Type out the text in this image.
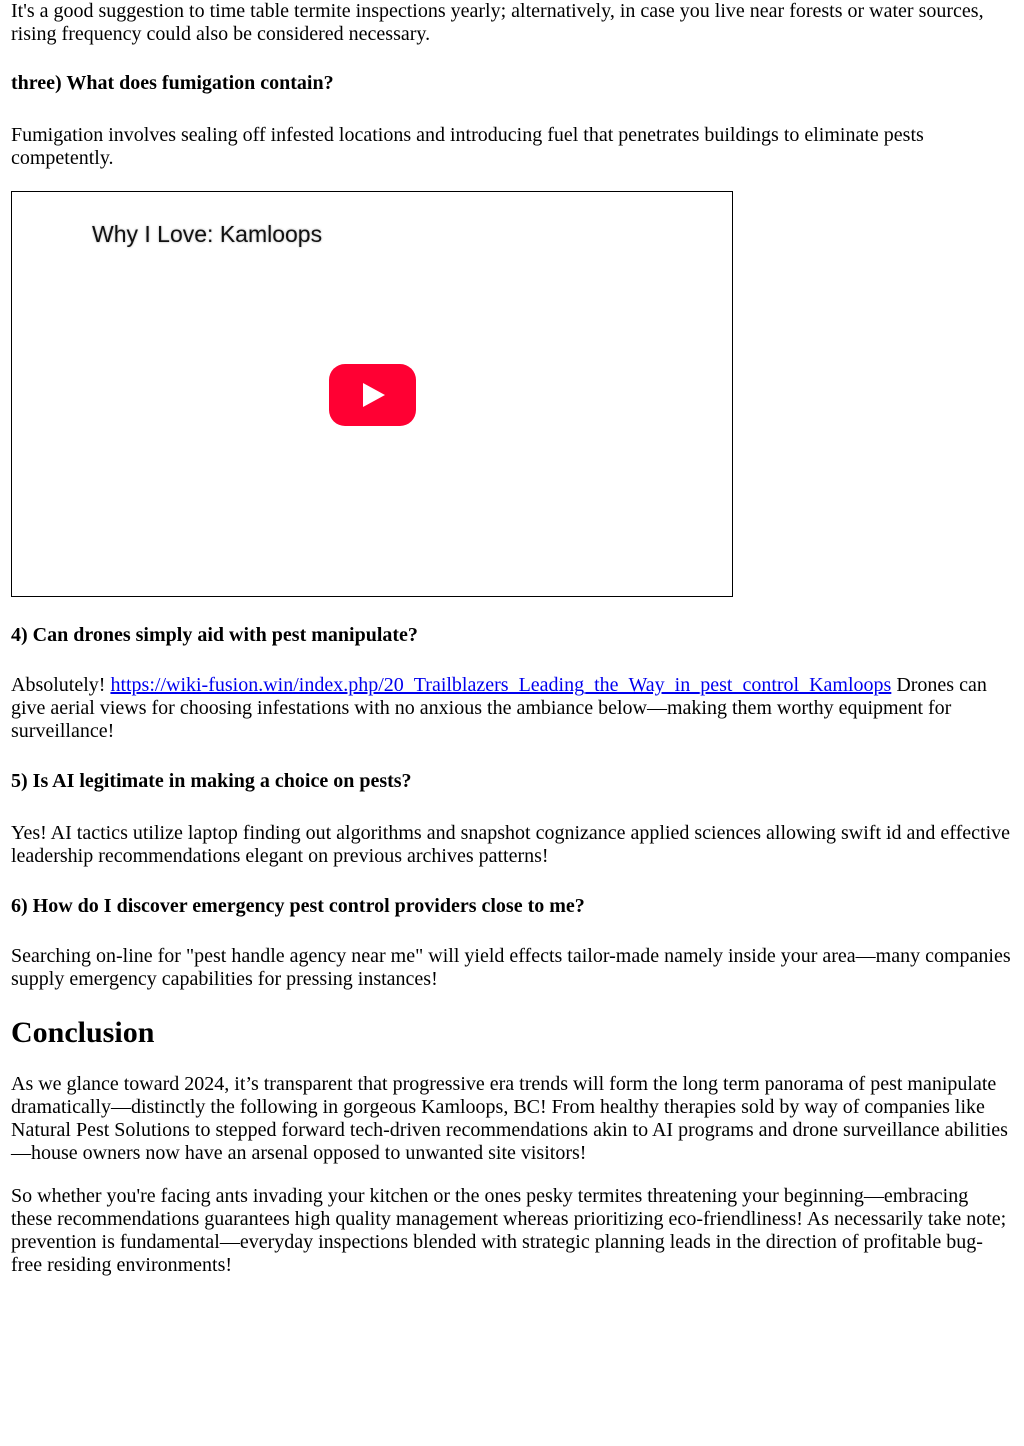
It's a good suggestion to time table termite inspections yearly; alternatively, in case you live near forests or water sources, rising frequency could also be considered necessary.

three) What does fumigation contain?

Fumigation involves sealing off infested locations and introducing fuel that penetrates buildings to eliminate pests competently.

Why I Love: Kamloops

4) Can drones simply aid with pest manipulate?

Absolutely! https://wiki-fusion.win/index.php/20_Trailblazers_Leading_the_Way_in_pest_control_Kamloops Drones can give aerial views for choosing infestations with no anxious the ambiance below—making them worthy equipment for surveillance!

5) Is AI legitimate in making a choice on pests?

Yes! AI tactics utilize laptop finding out algorithms and snapshot cognizance applied sciences allowing swift id and effective leadership recommendations elegant on previous archives patterns!

6) How do I discover emergency pest control providers close to me?

Searching on-line for "pest handle agency near me" will yield effects tailor-made namely inside your area—many companies supply emergency capabilities for pressing instances!

Conclusion

As we glance toward 2024, it’s transparent that progressive era trends will form the long term panorama of pest manipulate dramatically—distinctly the following in gorgeous Kamloops, BC! From healthy therapies sold by way of companies like Natural Pest Solutions to stepped forward tech-driven recommendations akin to AI programs and drone surveillance abilities—house owners now have an arsenal opposed to unwanted site visitors!

So whether you're facing ants invading your kitchen or the ones pesky termites threatening your beginning—embracing these recommendations guarantees high quality management whereas prioritizing eco-friendliness! As necessarily take note; prevention is fundamental—everyday inspections blended with strategic planning leads in the direction of profitable bug-free residing environments!
